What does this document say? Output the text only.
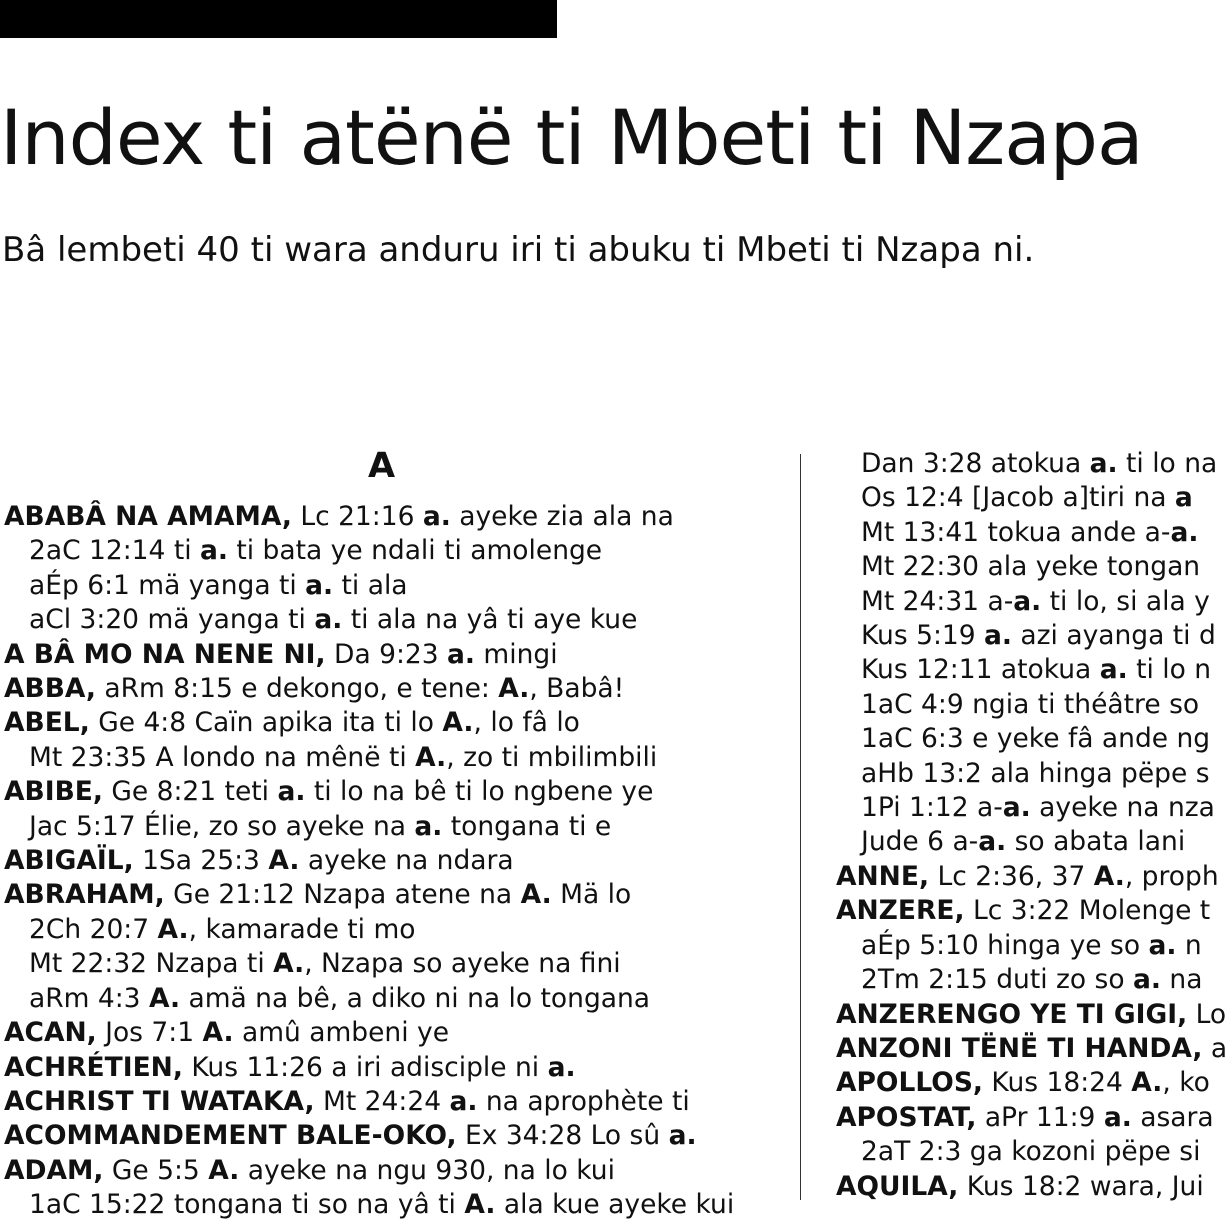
Index ti atënë ti Mbeti ti Nzapa

Bâ lembeti 40 ti wara anduru iri ti abuku ti Mbeti ti Nzapa ni.

A
ABABÂ NA AMAMA, Lc 21:16 a. ayeke zia ala na
2aC 12:14 ti a. ti bata ye ndali ti amolenge
aÉp 6:1 mä yanga ti a. ti ala
aCl 3:20 mä yanga ti a. ti ala na yâ ti aye kue
A BÂ MO NA NENE NI, Da 9:23 a. mingi
ABBA, aRm 8:15 e dekongo, e tene: A., Babâ!
ABEL, Ge 4:8 Caïn apika ita ti lo A., lo fâ lo
Mt 23:35 A londo na mênë ti A., zo ti mbilimbili
ABIBE, Ge 8:21 teti a. ti lo na bê ti lo ngbene ye
Jac 5:17 Élie, zo so ayeke na a. tongana ti e
ABIGAÏL, 1Sa 25:3 A. ayeke na ndara
ABRAHAM, Ge 21:12 Nzapa atene na A. Mä lo
2Ch 20:7 A., kamarade ti mo
Mt 22:32 Nzapa ti A., Nzapa so ayeke na fini
aRm 4:3 A. amä na bê, a diko ni na lo tongana
ACAN, Jos 7:1 A. amû ambeni ye
ACHRÉTIEN, Kus 11:26 a iri adisciple ni a.
ACHRIST TI WATAKA, Mt 24:24 a. na aprophète ti
ACOMMANDEMENT BALE-OKO, Ex 34:28 Lo sû a.
ADAM, Ge 5:5 A. ayeke na ngu 930, na lo kui
1aC 15:22 tongana ti so na yâ ti A. ala kue ayeke kui
Dan 3:28 atokua a. ti lo na
Os 12:4 [Jacob a]tiri na a
Mt 13:41 tokua ande a-a.
Mt 22:30 ala yeke tongan
Mt 24:31 a-a. ti lo, si ala y
Kus 5:19 a. azi ayanga ti d
Kus 12:11 atokua a. ti lo n
1aC 4:9 ngia ti théâtre so
1aC 6:3 e yeke fâ ande ng
aHb 13:2 ala hinga pëpe s
1Pi 1:12 a-a. ayeke na nza
Jude 6 a-a. so abata lani
ANNE, Lc 2:36, 37 A., proph
ANZERE, Lc 3:22 Molenge t
aÉp 5:10 hinga ye so a. n
2Tm 2:15 duti zo so a. na
ANZERENGO YE TI GIGI, Lo
ANZONI TËNË TI HANDA, a
APOLLOS, Kus 18:24 A., ko
APOSTAT, aPr 11:9 a. asara
2aT 2:3 ga kozoni pëpe si
AQUILA, Kus 18:2 wara, Jui
